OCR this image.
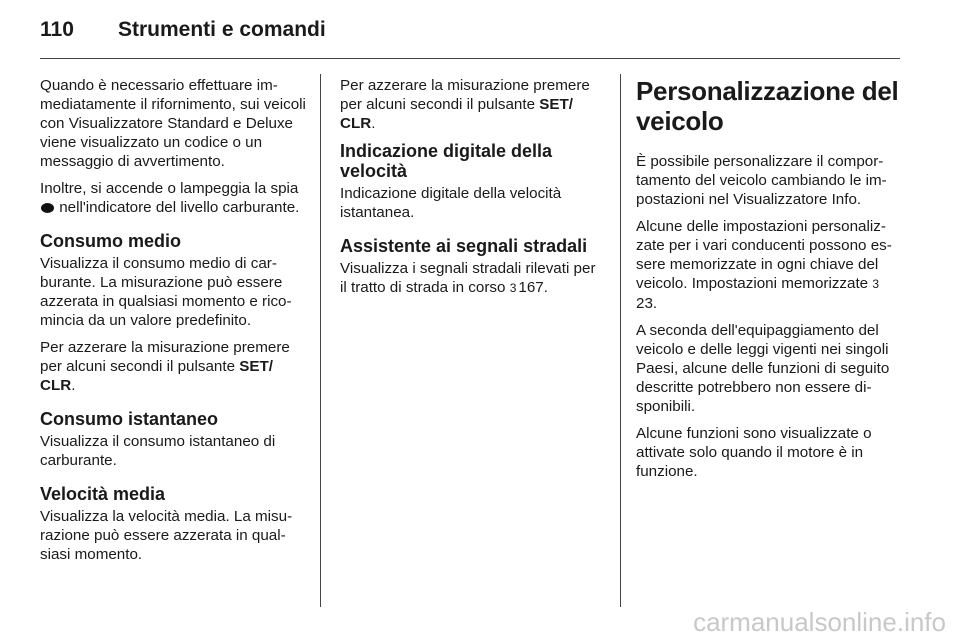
110 Strumenti e comandi

Quando è necessario effettuare immediatamente il rifornimento, sui veicoli con Visualizzatore Standard e Deluxe viene visualizzato un codice o un messaggio di avvertimento.

Inoltre, si accende o lampeggia la spia  nell'indicatore del livello carburante.

Consumo medio

Visualizza il consumo medio di carburante. La misurazione può essere azzerata in qualsiasi momento e ricomincia da un valore predefinito.

Per azzerare la misurazione premere per alcuni secondi il pulsante SET/ CLR.

Consumo istantaneo

Visualizza il consumo istantaneo di carburante.

Velocità media

Visualizza la velocità media. La misurazione può essere azzerata in qualsiasi momento.

Per azzerare la misurazione premere per alcuni secondi il pulsante SET/ CLR.

Indicazione digitale della velocità

Indicazione digitale della velocità istantanea.

Assistente ai segnali stradali

Visualizza i segnali stradali rilevati per il tratto di strada in corso 3 167.

Personalizzazione del veicolo

È possibile personalizzare il comportamento del veicolo cambiando le impostazioni nel Visualizzatore Info.

Alcune delle impostazioni personalizzate per i vari conducenti possono essere memorizzate in ogni chiave del veicolo. Impostazioni memorizzate 323.

A seconda dell'equipaggiamento del veicolo e delle leggi vigenti nei singoli Paesi, alcune delle funzioni di seguito descritte potrebbero non essere disponibili.

Alcune funzioni sono visualizzate o attivate solo quando il motore è in funzione.

carmanualsonline.info
